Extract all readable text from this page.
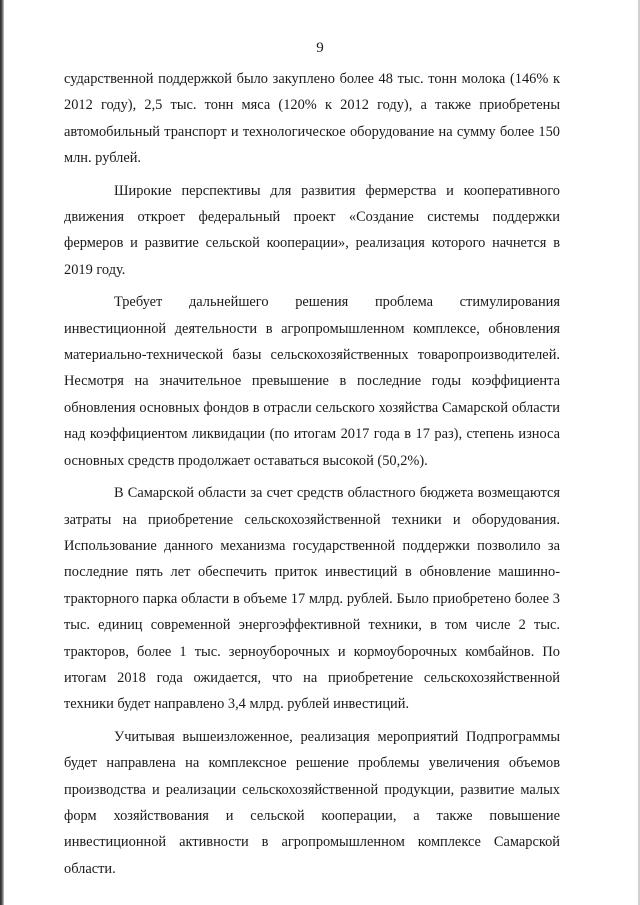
9

сударственной поддержкой было закуплено более 48 тыс. тонн молока (146% к 2012 году), 2,5 тыс. тонн мяса (120% к 2012 году), а также приобретены автомобильный транспорт и технологическое оборудование на сумму более 150 млн. рублей.

Широкие перспективы для развития фермерства и кооперативного движения откроет федеральный проект «Создание системы поддержки фермеров и развитие сельской кооперации», реализация которого начнется в 2019 году.

Требует дальнейшего решения проблема стимулирования инвестиционной деятельности в агропромышленном комплексе, обновления материально-технической базы сельскохозяйственных товаропроизводителей. Несмотря на значительное превышение в последние годы коэффициента обновления основных фондов в отрасли сельского хозяйства Самарской области над коэффициентом ликвидации (по итогам 2017 года в 17 раз), степень износа основных средств продолжает оставаться высокой (50,2%).

В Самарской области за счет средств областного бюджета возмещаются затраты на приобретение сельскохозяйственной техники и оборудования. Использование данного механизма государственной поддержки позволило за последние пять лет обеспечить приток инвестиций в обновление машинно-тракторного парка области в объеме 17 млрд. рублей. Было приобретено более 3 тыс. единиц современной энергоэффективной техники, в том числе 2 тыс. тракторов, более 1 тыс. зерноуборочных и кормоуборочных комбайнов. По итогам 2018 года ожидается, что на приобретение сельскохозяйственной техники будет направлено 3,4 млрд. рублей инвестиций.

Учитывая вышеизложенное, реализация мероприятий Подпрограммы будет направлена на комплексное решение проблемы увеличения объемов производства и реализации сельскохозяйственной продукции, развитие малых форм хозяйствования и сельской кооперации, а также повышение инвестиционной активности в агропромышленном комплексе Самарской области.
